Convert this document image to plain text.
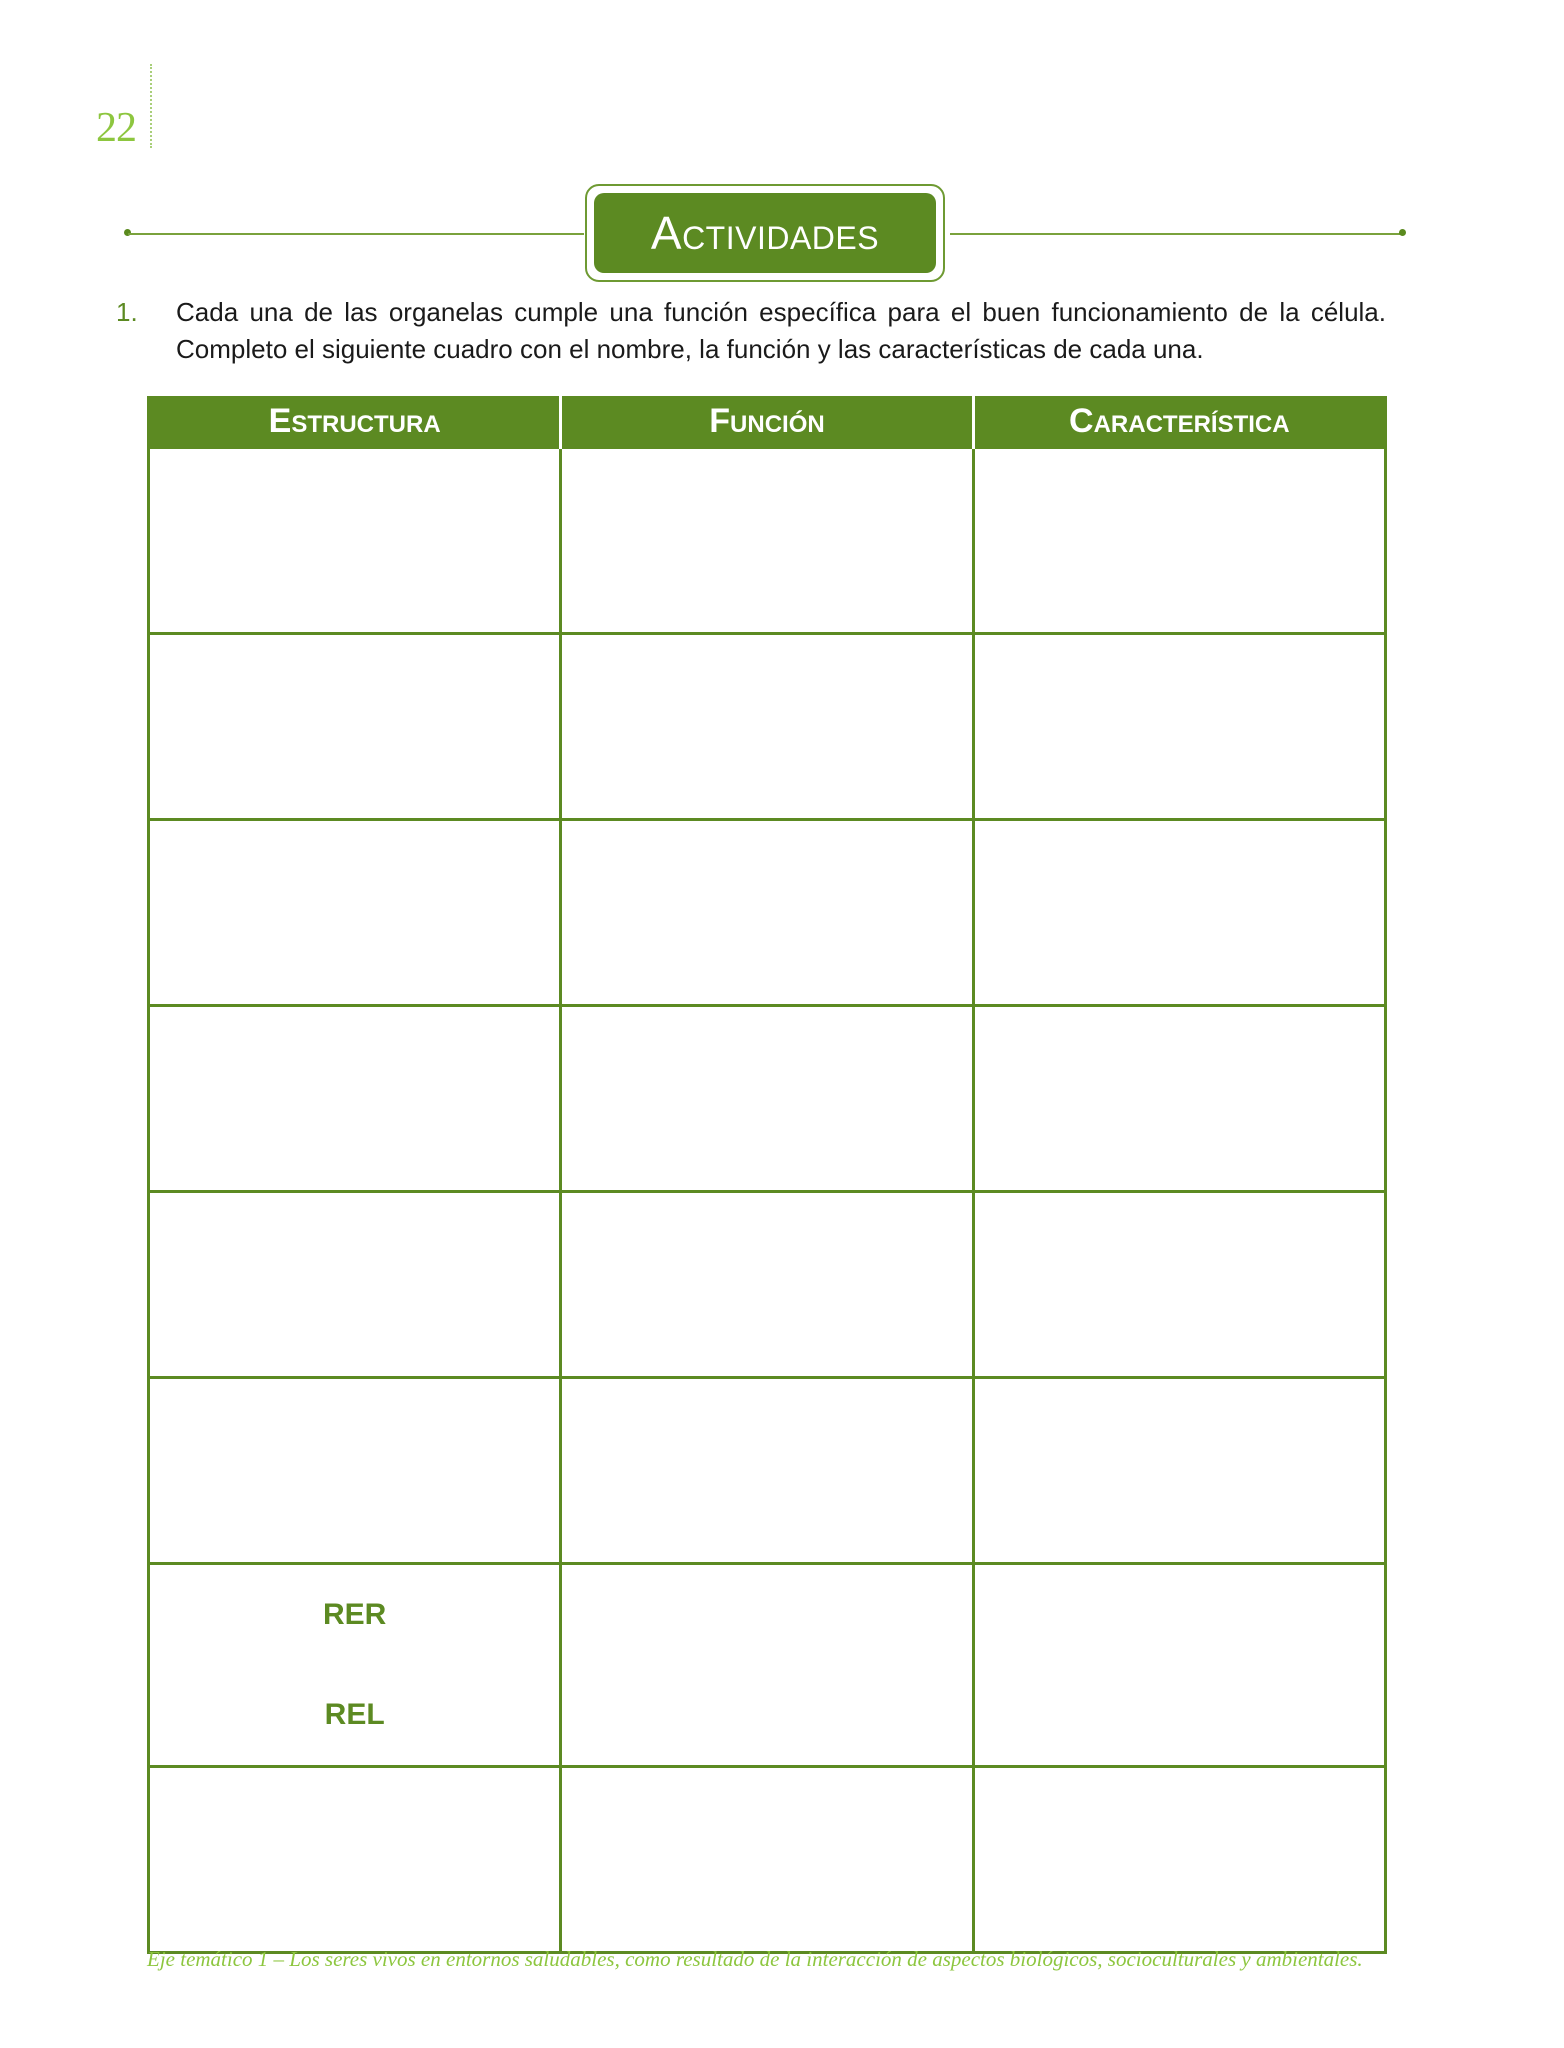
22
Actividades
1. Cada una de las organelas cumple una función específica para el buen funcionamiento de la célula. Completo el siguiente cuadro con el nombre, la función y las características de cada una.
Estructura	Función	Característica

RER
REL		

Eje temático 1 – Los seres vivos en entornos saludables, como resultado de la interacción de aspectos biológicos, socioculturales y ambientales.
